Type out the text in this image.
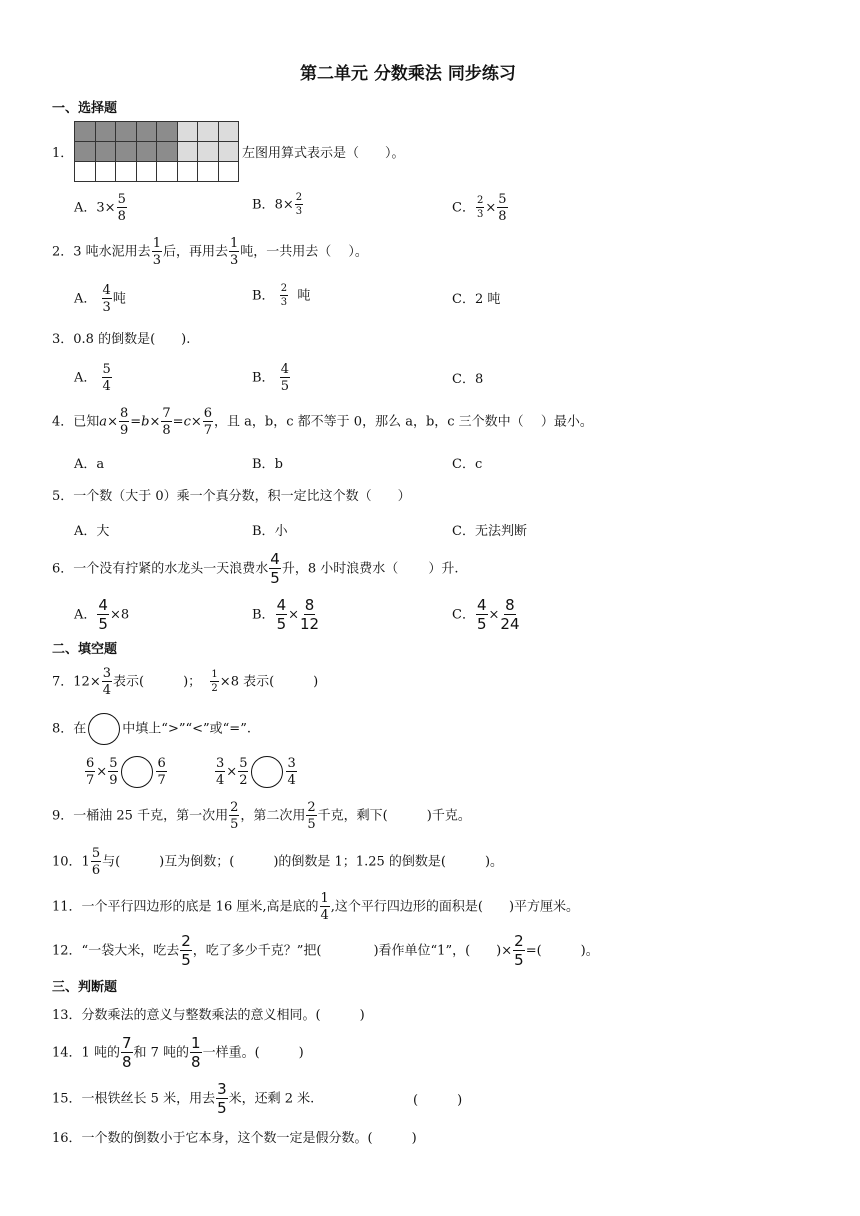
第二单元 分数乘法 同步练习
一、选择题
1．

								左图用算式表示是（　　）。
A．$3\times \frac{5}{8}$	B．$8\times \frac{2}{3}$	C． $\frac{2}{3} \times \frac{5}{8}$
2．3 吨水泥用去 $\frac{1}{3}$ 后，再用去 $\frac{1}{3}$ 吨，一共用去（　 ）。
A． $\frac{4}{3}$ 吨	B． $\frac{2}{3}$ 吨	C．2 吨
3．0.8 的倒数是(　　).
A． $\frac{5}{4}$	B． $\frac{4}{5}$	C．8
4．已知$a\times \frac{8}{9} =b\times \frac{7}{8} =c\times \frac{6}{7}$ ，且 a，b，c 都不等于 0，那么 a，b，c 三个数中（　 ）最小。
A．a	B．b	C．c
5．一个数（大于 0）乘一个真分数，积一定比这个数（　　）
A．大	B．小	C．无法判断
6．一个没有拧紧的水龙头一天浪费水 $\frac{4}{5}$ 升，8 小时浪费水（　　 ）升.
A． $\frac{4}{5} \times 8$	B． $\frac{4}{5} \times \frac{8}{12}$	C． $\frac{4}{5} \times \frac{8}{24}$
二、填空题
7．$12\times \frac{3}{4}$ 表示(　　　)； $\frac{1}{2} \times 8$ 表示(　　　)
8．在	中填上“>”“<”或“=”.
$\frac{6}{7} \times \frac{5}{9}$	$\frac{6}{7}$	$\frac{3}{4} \times \frac{5}{2}$	$\frac{3}{4}$
9．一桶油 25 千克，第一次用 $\frac{2}{5}$ ，第二次用 $\frac{2}{5}$ 千克，剩下(　　　)千克。
10．$1 \frac{5}{6}$ 与(　　　)互为倒数；(　　　)的倒数是 1；1.25 的倒数是(　　　)。
11．一个平行四边形的底是 16 厘米,高是底的 $\frac{1}{4}$ ,这个平行四边形的面积是(　　)平方厘米。
12．“一袋大米，吃去 $\frac{2}{5}$ ，吃了多少千克？”把(　　　　)看作单位“1”，(　　)× $\frac{2}{5}$ =(　　　)。
三、判断题
13．分数乘法的意义与整数乘法的意义相同。(　　　)
14．1 吨的 $\frac{7}{8}$ 和 7 吨的 $\frac{1}{8}$ 一样重。(　　　)
15．一根铁丝长 5 米，用去 $\frac{3}{5}$ 米，还剩 2 米.	(　　　)
16．一个数的倒数小于它本身，这个数一定是假分数。(　　　)
